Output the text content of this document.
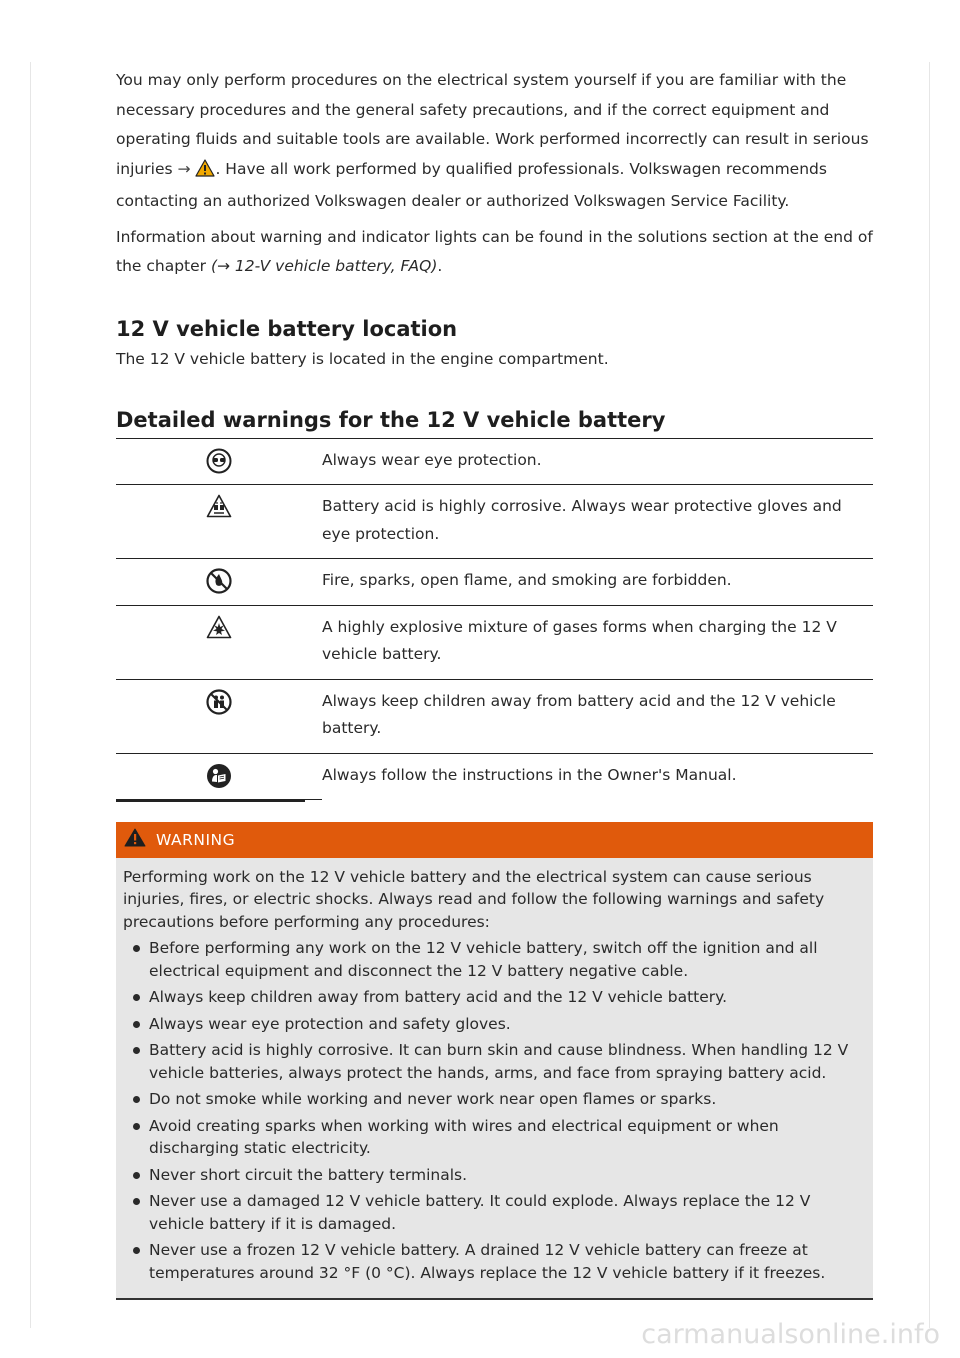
You may only perform procedures on the electrical system yourself if you are familiar with the necessary procedures and the general safety precautions, and if the correct equipment and operating fluids and suitable tools are available. Work performed incorrectly can result in serious injuries → . Have all work performed by qualified professionals. Volkswagen recommends contacting an authorized Volkswagen dealer or authorized Volkswagen Service Facility.

Information about warning and indicator lights can be found in the solutions section at the end of the chapter (→ 12-V vehicle battery, FAQ).

12 V vehicle battery location
The 12 V vehicle battery is located in the engine compartment.
Detailed warnings for the 12 V vehicle battery
	Always wear eye protection.
	Battery acid is highly corrosive. Always wear protective gloves and eye protection.
	Fire, sparks, open flame, and smoking are forbidden.
	A highly explosive mixture of gases forms when charging the 12 V vehicle battery.
	Always keep children away from battery acid and the 12 V vehicle battery.
	Always follow the instructions in the Owner's Manual.
WARNING
Performing work on the 12 V vehicle battery and the electrical system can cause serious injuries, fires, or electric shocks. Always read and follow the following warnings and safety precautions before performing any procedures:
Before performing any work on the 12 V vehicle battery, switch off the ignition and all electrical equipment and disconnect the 12 V battery negative cable.
Always keep children away from battery acid and the 12 V vehicle battery.
Always wear eye protection and safety gloves.
Battery acid is highly corrosive. It can burn skin and cause blindness. When handling 12 V vehicle batteries, always protect the hands, arms, and face from spraying battery acid.
Do not smoke while working and never work near open flames or sparks.
Avoid creating sparks when working with wires and electrical equipment or when discharging static electricity.
Never short circuit the battery terminals.
Never use a damaged 12 V vehicle battery. It could explode. Always replace the 12 V vehicle battery if it is damaged.
Never use a frozen 12 V vehicle battery. A drained 12 V vehicle battery can freeze at temperatures around 32 °F (0 °C). Always replace the 12 V vehicle battery if it freezes.
carmanualsonline.info
